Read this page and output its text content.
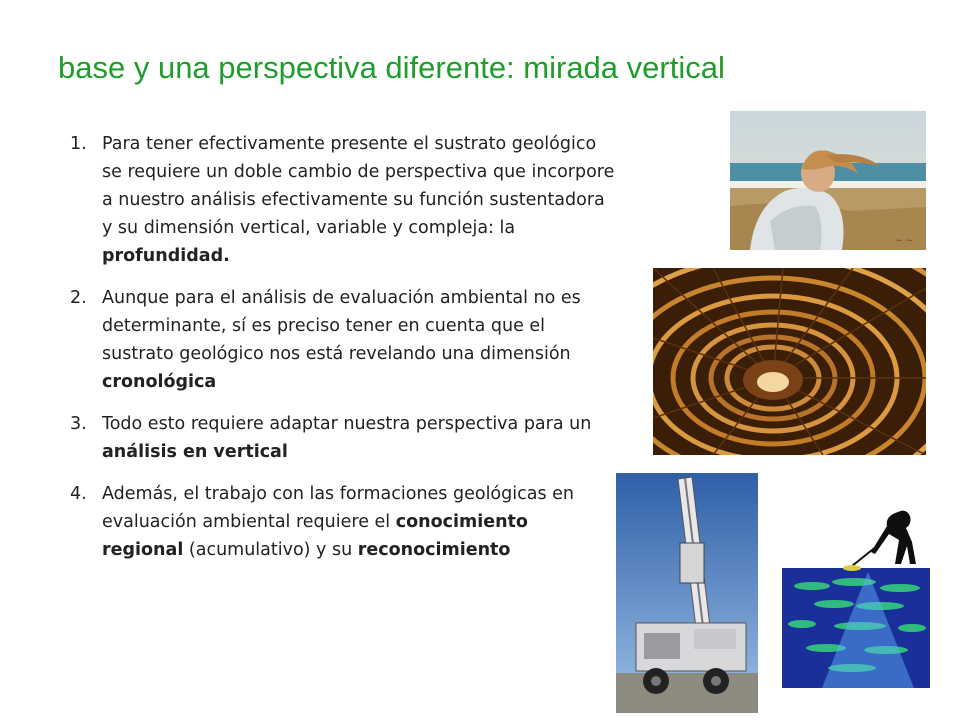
base y una perspectiva diferente: mirada vertical
1. Para tener efectivamente presente el sustrato geológico se requiere un doble cambio de perspectiva que incorpore a nuestro análisis efectivamente su función sustentadora y su dimensión vertical, variable y compleja: la profundidad.
2. Aunque para el análisis de evaluación ambiental no es determinante, sí es preciso tener en cuenta que el sustrato geológico nos está revelando una dimensión cronológica
3. Todo esto requiere adaptar nuestra perspectiva para un análisis en vertical
4. Además, el trabajo con las formaciones geológicas en evaluación ambiental requiere el conocimiento regional (acumulativo) y su reconocimiento
~ ~
